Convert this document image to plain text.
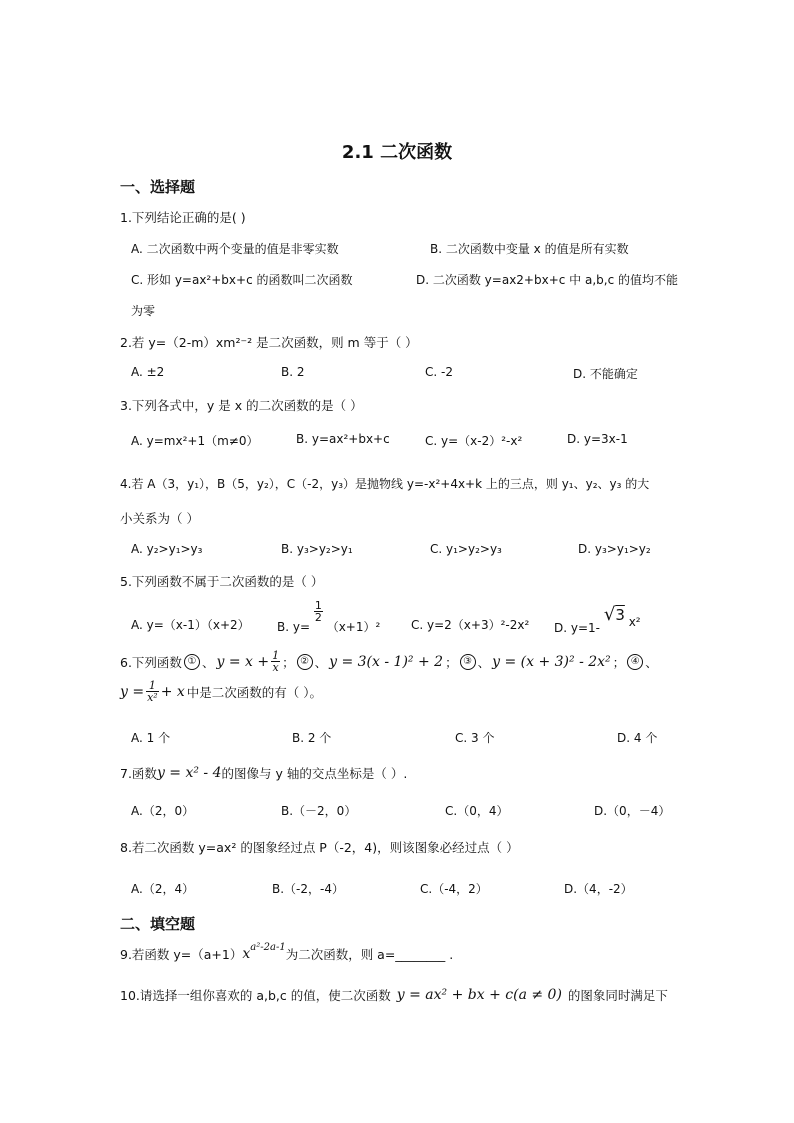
2.1 二次函数
一、选择题
1.下列结论正确的是( )
A. 二次函数中两个变量的值是非零实数	B. 二次函数中变量 x 的值是所有实数
C. 形如 y=ax²+bx+c 的函数叫二次函数	D. 二次函数 y=ax2+bx+c 中 a,b,c 的值均不能
为零
2.若 y=（2-m）xm²⁻² 是二次函数，则 m 等于（ ）
A. ±2	B. 2	C. -2	D. 不能确定
3.下列各式中，y 是 x 的二次函数的是（ ）
A. y=mx²+1（m≠0）	B. y=ax²+bx+c	C. y=（x-2）²-x²	D. y=3x-1
4.若 A（3，y₁），B（5，y₂），C（-2，y₃）是抛物线 y=-x²+4x+k 上的三点，则 y₁、y₂、y₃ 的大
小关系为（ ）
A. y₂>y₁>y₃	B. y₃>y₂>y₁	C. y₁>y₂>y₃	D. y₃>y₁>y₂
5.下列函数不属于二次函数的是（ ）
A. y=（x-1）（x+2） B. y=
$\frac{1}{2}$
（x+1）²	C. y=2（x+3）²-2x² D. y=1- √3 x²
6.下列函数 ① 、 $y = x + \frac{1}{x}$ ； ② 、 y = 3(x - 1)² + 2 ； ③ 、 y = (x + 3)² - 2x² ； ④ 、
$y = \frac{1}{\text{x²}} + x$ 中是二次函数的有（ ）。
A. 1 个	B. 2 个	C. 3 个	D. 4 个
7.函数 y = x² - 4 的图像与 y 轴的交点坐标是（ ）.
A.（2，0）	B.（－2，0）	C.（0，4）	D.（0，－4）
8.若二次函数 y=ax² 的图象经过点 P（-2，4)，则该图象必经过点（ ）
A.（2，4）	B.（-2，-4）	C.（-4，2）	D.（4，-2）
二、填空题
9.若函数 y=（a+1） x a²-2a-1 为二次函数，则 a=________ .
10.请选择一组你喜欢的 a,b,c 的值，使二次函数 y = ax² + bx + c(a ≠ 0) 的图象同时满足下
